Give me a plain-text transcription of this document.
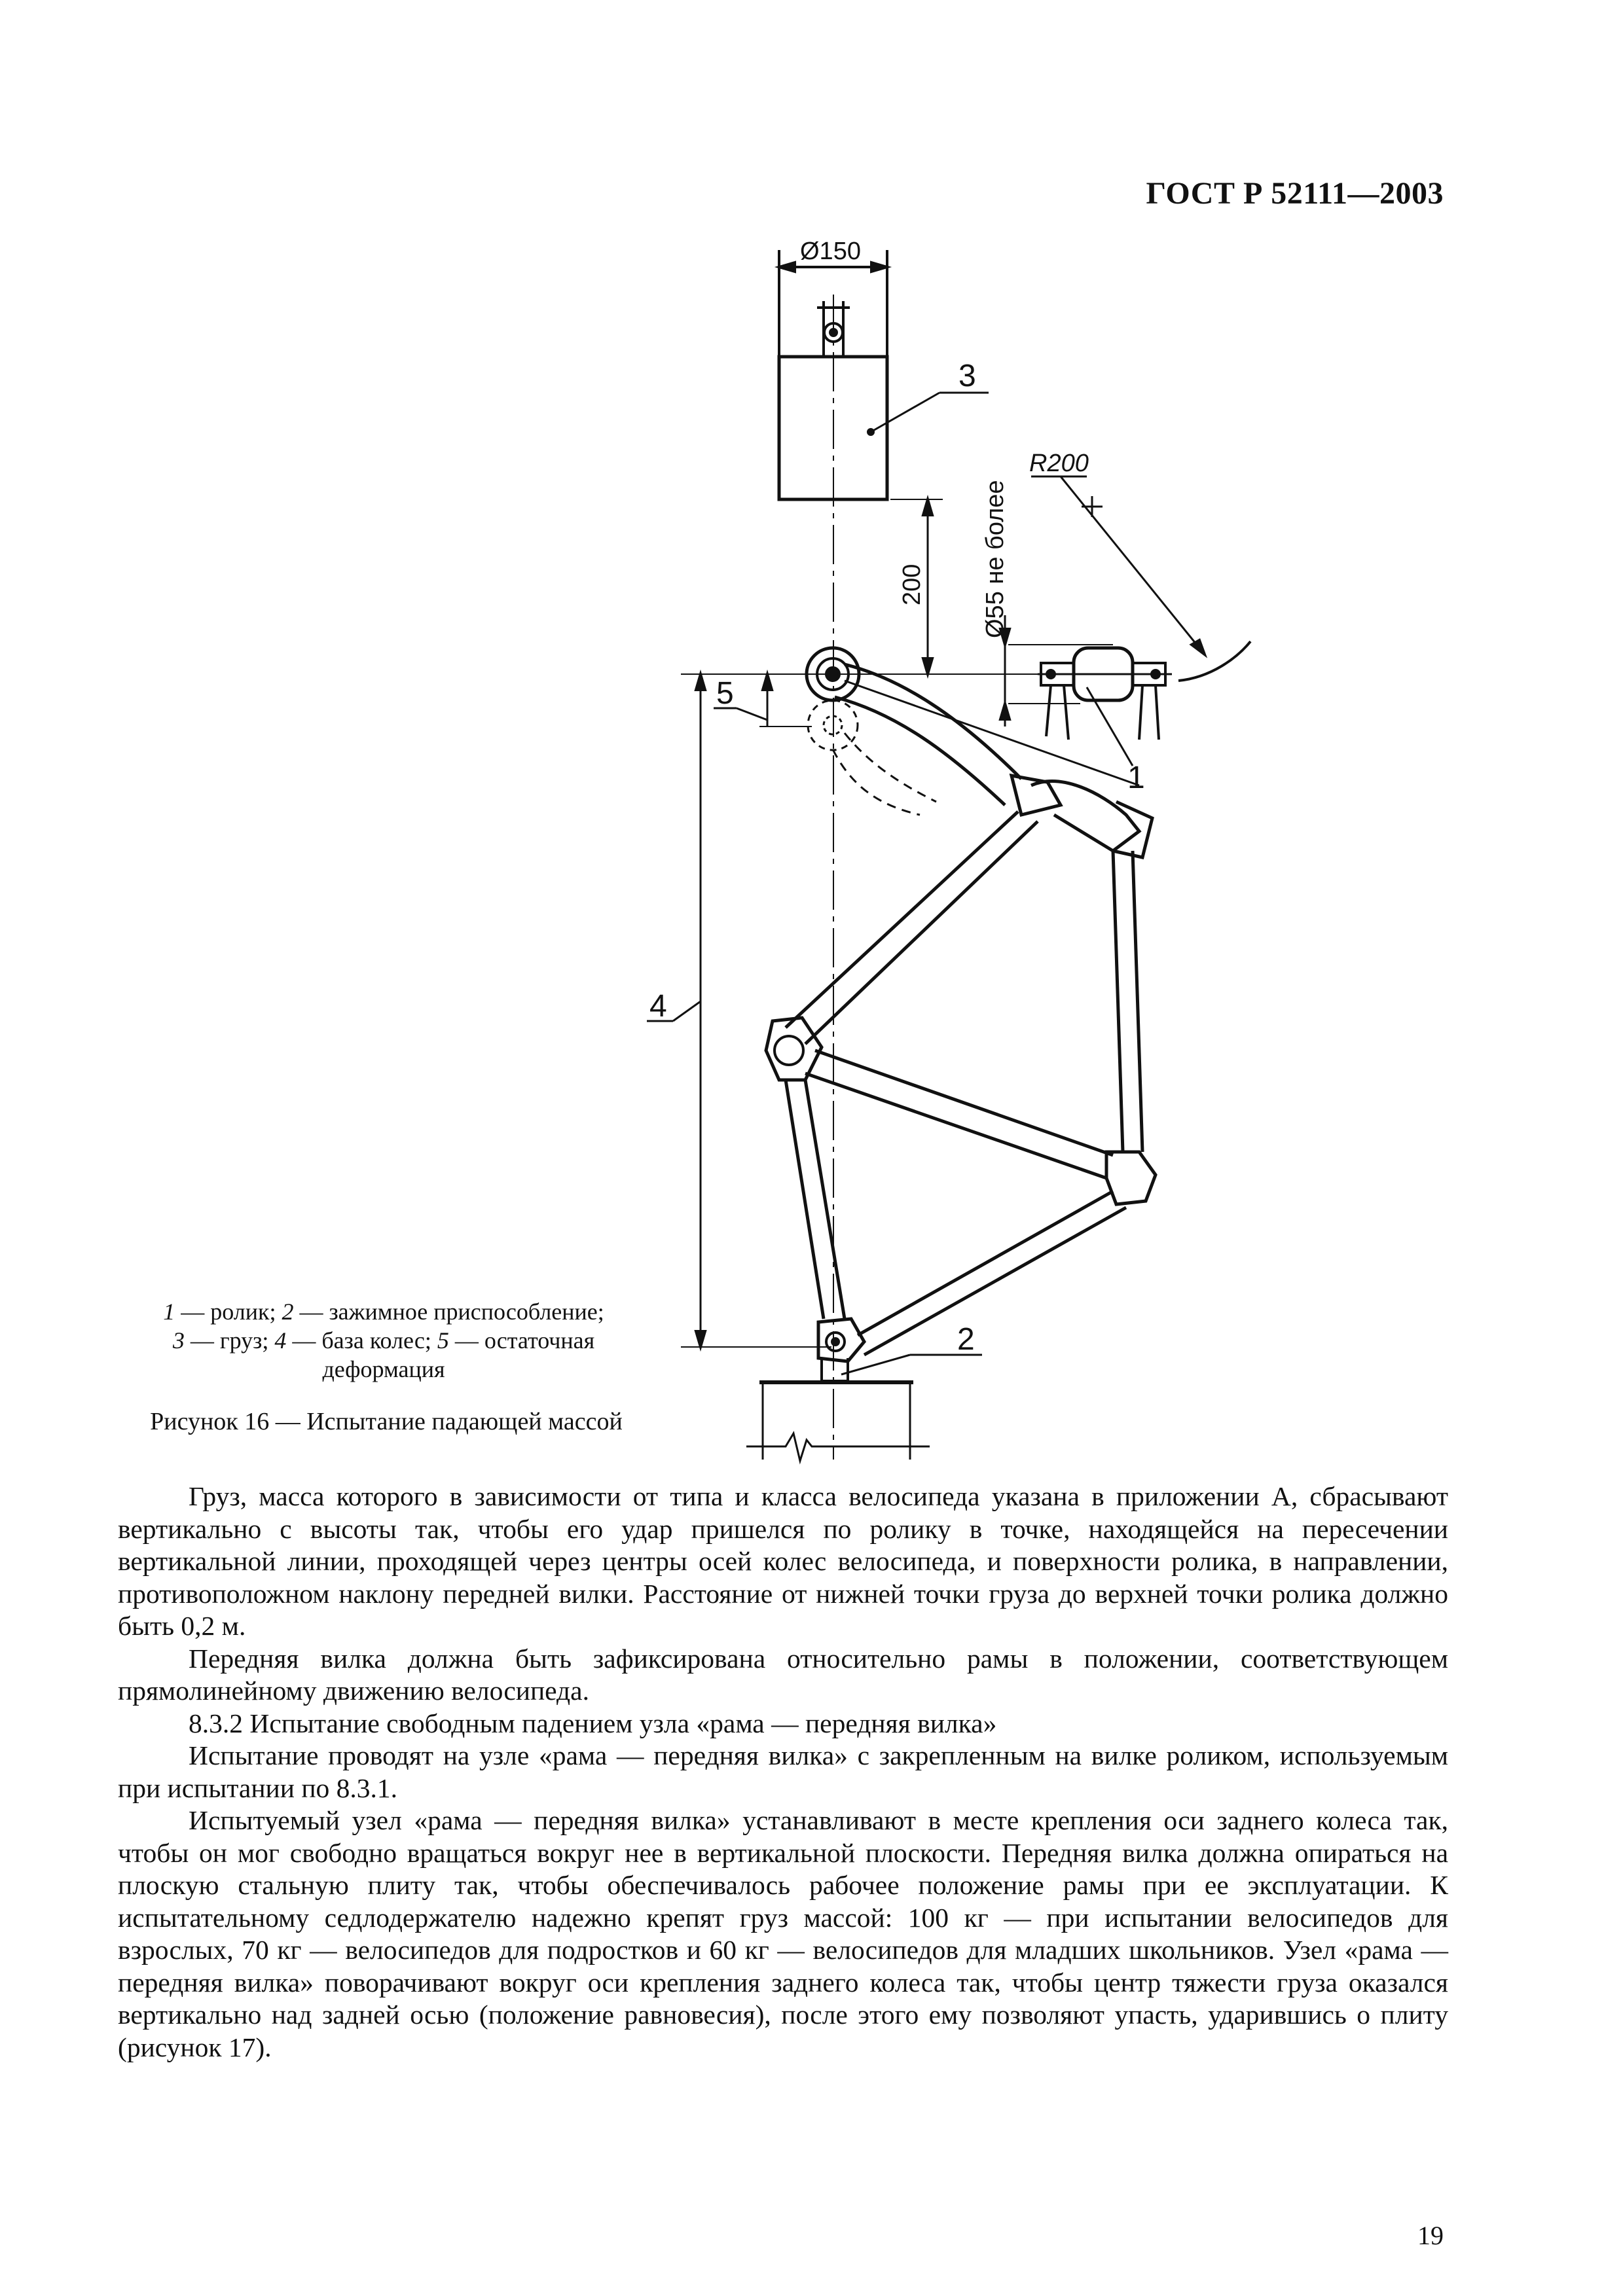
ГОСТ Р 52111—2003
Ø150
R200
3
5
1
4
2
200 Ø55 не более
1 — ролик; 2 — зажимное приспособление;
3 — груз; 4 — база колес; 5 — остаточная деформация
Рисунок 16 — Испытание падающей массой

Груз, масса которого в зависимости от типа и класса велосипеда указана в приложении А, сбрасывают вертикально с высоты так, чтобы его удар пришелся по ролику в точке, находящейся на пересечении вертикальной линии, проходящей через центры осей колес велосипеда, и поверхности ролика, в направлении, противоположном наклону передней вилки. Расстояние от нижней точки груза до верхней точки ролика должно быть 0,2 м.

Передняя вилка должна быть зафиксирована относительно рамы в положении, соответствующем прямолинейному движению велосипеда.

8.3.2 Испытание свободным падением узла «рама — передняя вилка»

Испытание проводят на узле «рама — передняя вилка» с закрепленным на вилке роликом, используемым при испытании по 8.3.1.

Испытуемый узел «рама — передняя вилка» устанавливают в месте крепления оси заднего колеса так, чтобы он мог свободно вращаться вокруг нее в вертикальной плоскости. Передняя вилка должна опираться на плоскую стальную плиту так, чтобы обеспечивалось рабочее положение рамы при ее эксплуатации. К испытательному седлодержателю надежно крепят груз массой: 100 кг — при испытании велосипедов для взрослых, 70 кг — велосипедов для подростков и 60 кг — велосипедов для младших школьников. Узел «рама — передняя вилка» поворачивают вокруг оси крепления заднего колеса так, чтобы центр тяжести груза оказался вертикально над задней осью (положение равновесия), после этого ему позволяют упасть, ударившись о плиту (рисунок 17).

19
